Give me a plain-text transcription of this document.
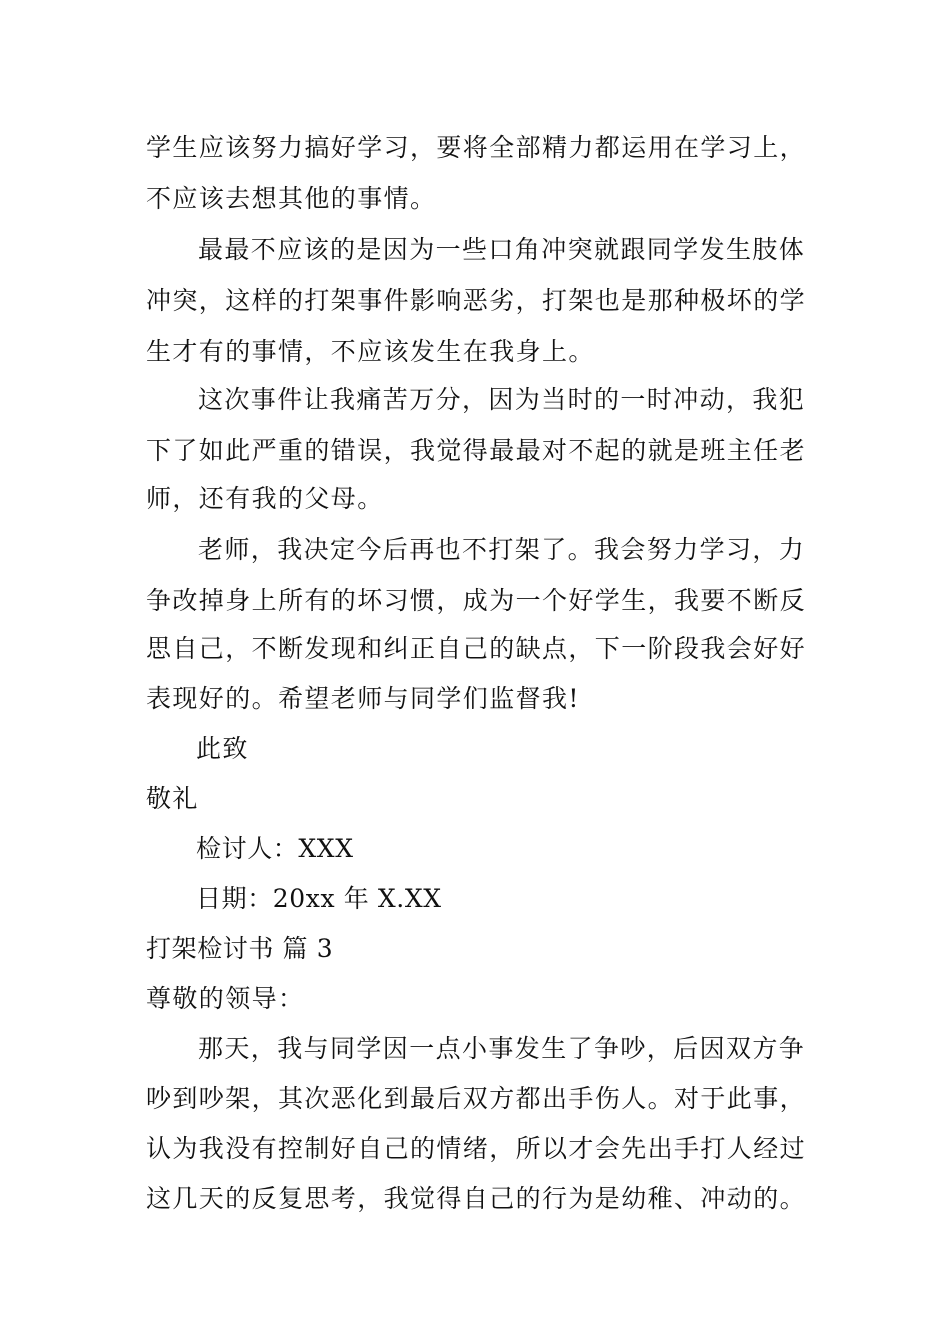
学生应该努力搞好学习，要将全部精力都运用在学习上，
不应该去想其他的事情。
最最不应该的是因为一些口角冲突就跟同学发生肢体
冲突，这样的打架事件影响恶劣，打架也是那种极坏的学
生才有的事情，不应该发生在我身上。
这次事件让我痛苦万分，因为当时的一时冲动，我犯
下了如此严重的错误，我觉得最最对不起的就是班主任老
师，还有我的父母。
老师，我决定今后再也不打架了。我会努力学习，力
争改掉身上所有的坏习惯，成为一个好学生，我要不断反
思自己，不断发现和纠正自己的缺点，下一阶段我会好好
表现好的。希望老师与同学们监督我!
此致
敬礼
检讨人：XXX
日期：20xx 年 X.XX
打架检讨书 篇 3
尊敬的领导：
那天，我与同学因一点小事发生了争吵，后因双方争
吵到吵架，其次恶化到最后双方都出手伤人。对于此事，
认为我没有控制好自己的情绪，所以才会先出手打人经过
这几天的反复思考，我觉得自己的行为是幼稚、冲动的。
